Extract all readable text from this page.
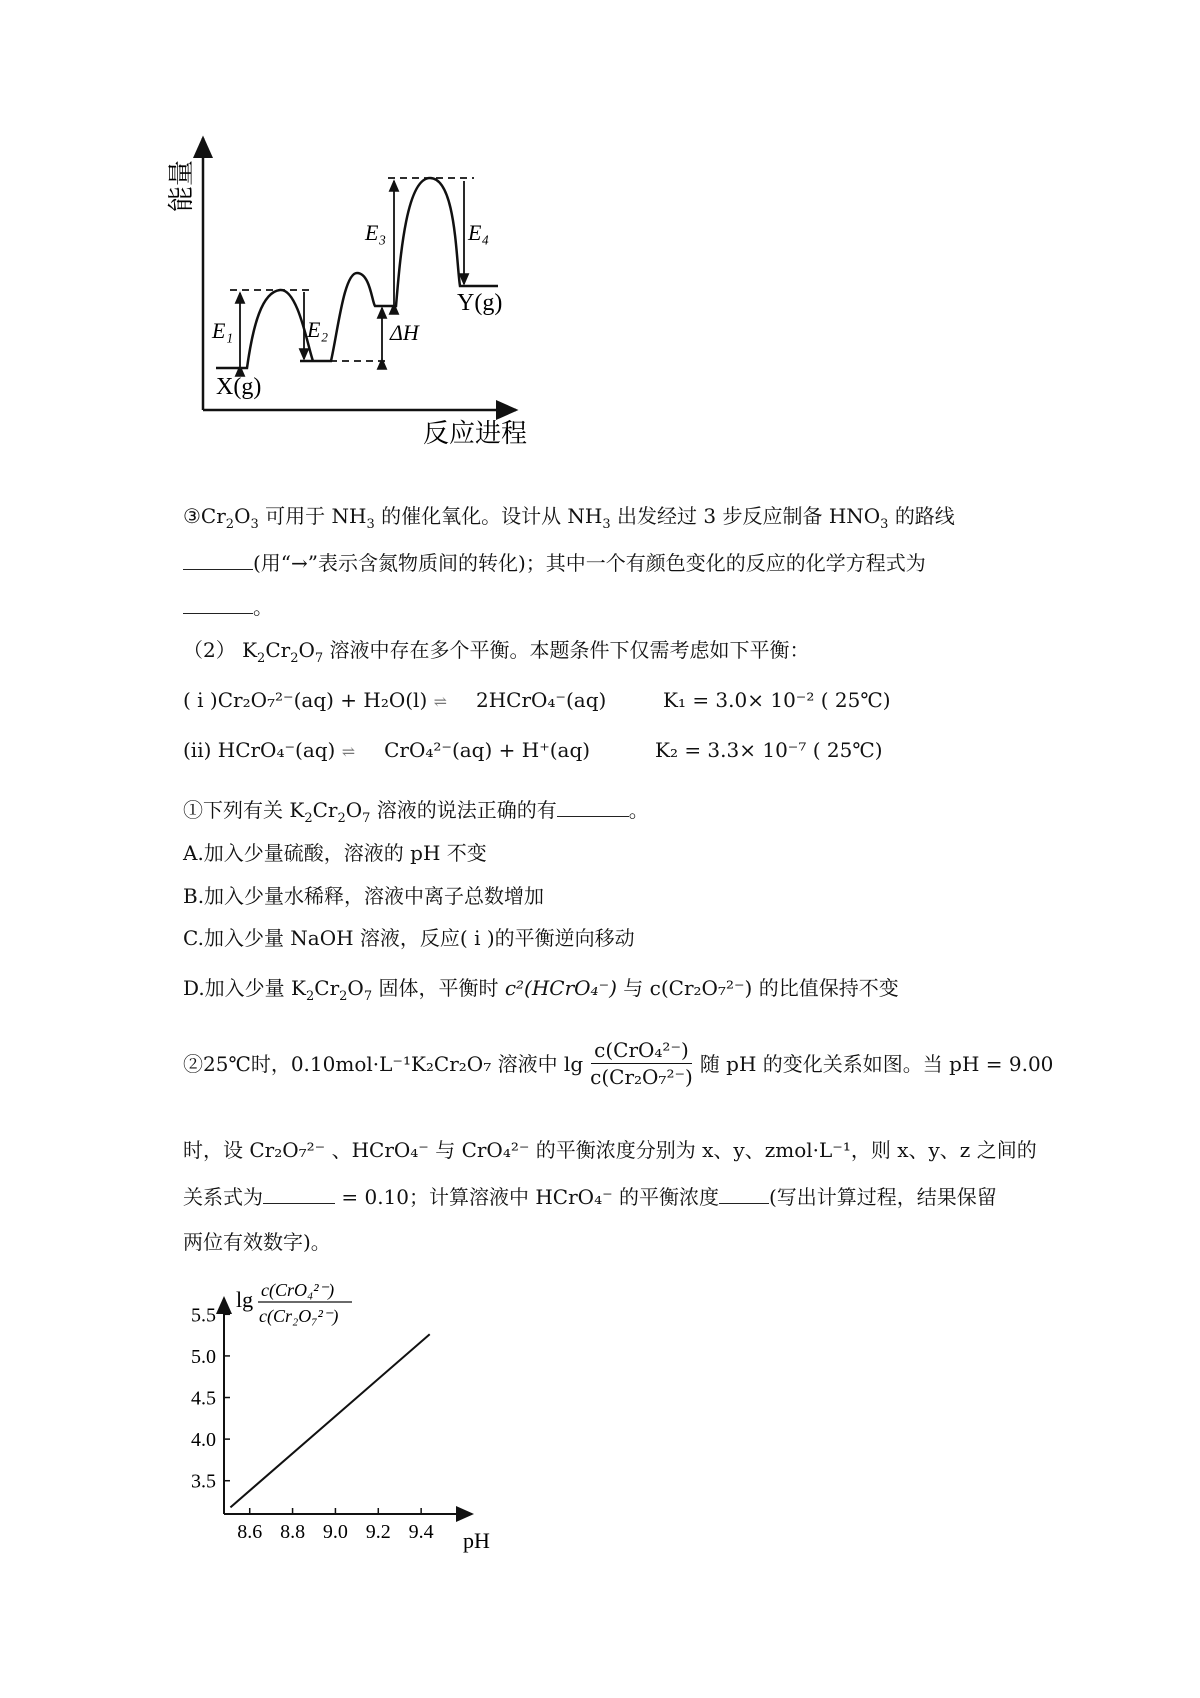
能量
反应进程
E₁	E₂
E₃	E₄
ΔH
X(g)
Y(g)
$③Cr_2O_3$ 可用于 $NH_3$ 的催化氧化。设计从 $NH_3$ 出发经过 3 步反应制备 $HNO_3$ 的路线
(用“→”表示含氮物质间的转化)；其中一个有颜色变化的反应的化学方程式为
。
（2） $K_2Cr_2O_7$ 溶液中存在多个平衡。本题条件下仅需考虑如下平衡：
( i )Cr₂O₇²⁻(aq) + H₂O(l) ⇌ 2HCrO₄⁻(aq)	K₁ = 3.0× 10⁻² ( 25℃)
(ii) HCrO₄⁻(aq) ⇌ CrO₄²⁻(aq) + H⁺(aq)	K₂ = 3.3× 10⁻⁷ ( 25℃)
①下列有关 $K_2Cr_2O_7$ 溶液的说法正确的有	。
A.加入少量硫酸，溶液的 pH 不变
B.加入少量水稀释，溶液中离子总数增加
C.加入少量 NaOH 溶液，反应( i )的平衡逆向移动
D.加入少量 $K_2Cr_2O_7$ 固体，平衡时 c²(HCrO₄⁻) 与 c(Cr₂O₇²⁻) 的比值保持不变
②25℃时，0.10mol·L⁻¹K₂Cr₂O₇ 溶液中 $\lg \frac{\text{c(CrO₄²⁻)}}{\text{c(Cr₂O₇²⁻)}}$ 随 pH 的变化关系如图。当 pH = 9.00
时，设 Cr₂O₇²⁻ 、HCrO₄⁻ 与 CrO₄²⁻ 的平衡浓度分别为 x、y、zmol·L⁻¹，则 x、y、z 之间的
关系式为	= 0.10；计算溶液中 HCrO₄⁻ 的平衡浓度	(写出计算过程，结果保留
两位有效数字)。
8.6 8.8 9.0 9.2 9.4
3.5
4.0
4.5
5.0
5.5
lg c(CrO₄²⁻)
c(Cr₂O₇²⁻)
pH
